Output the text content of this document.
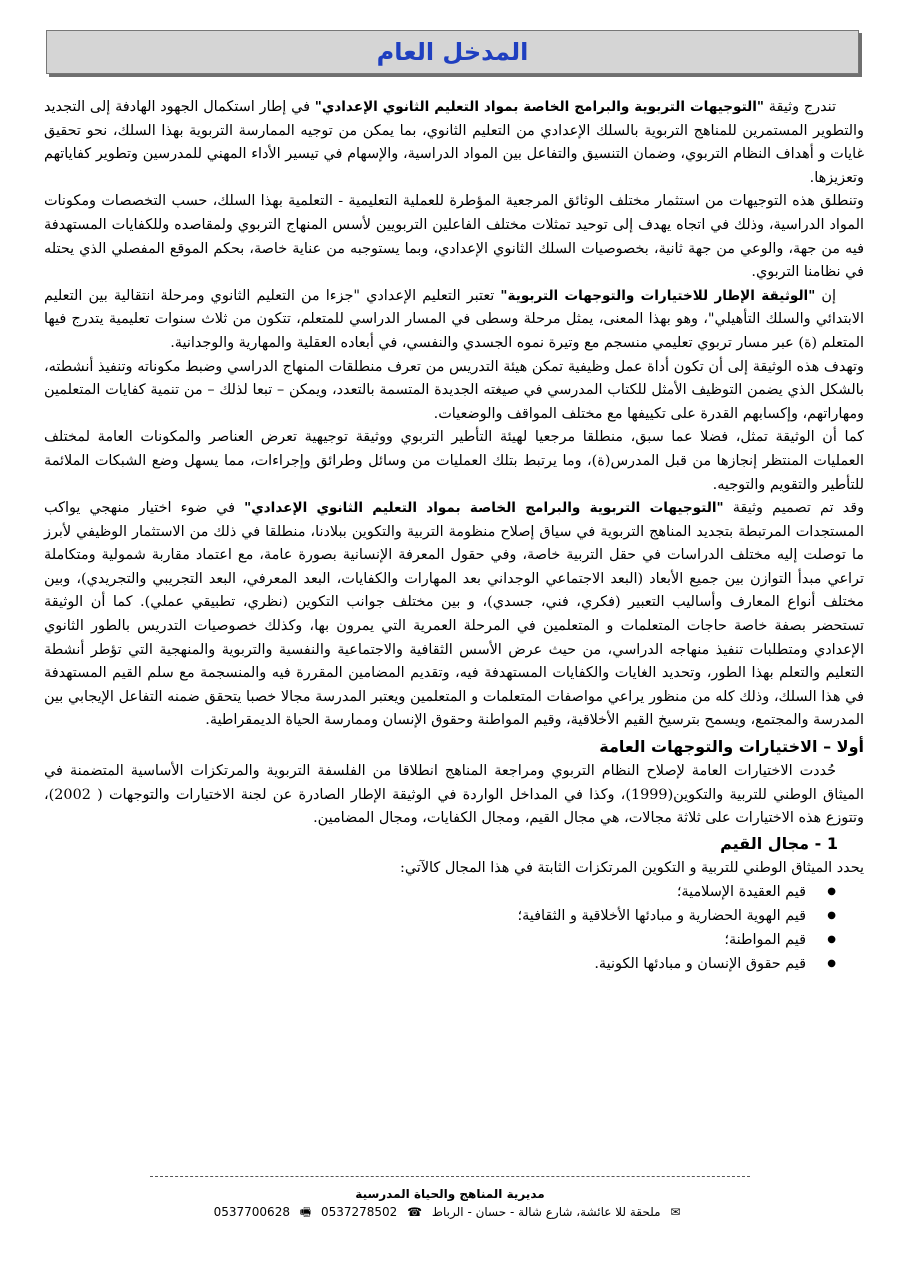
المدخل العام

تندرج وثيقة "التوجيهات التربوية والبرامج الخاصة بمواد التعليم الثانوي الإعدادي" في إطار استكمال الجهود الهادفة إلى التجديد والتطوير المستمرين للمناهج التربوية بالسلك الإعدادي من التعليم الثانوي، بما يمكن من توجيه الممارسة التربوية بهذا السلك، نحو تحقيق غايات و أهداف النظام التربوي، وضمان التنسيق والتفاعل بين المواد الدراسية، والإسهام في تيسير الأداء المهني للمدرسين وتطوير كفاياتهم وتعزيزها.

وتنطلق هذه التوجيهات من استثمار مختلف الوثائق المرجعية المؤطرة للعملية التعليمية - التعلمية بهذا السلك، حسب التخصصات ومكونات المواد الدراسية، وذلك في اتجاه يهدف إلى توحيد تمثلات مختلف الفاعلين التربويين لأسس المنهاج التربوي ولمقاصده وللكفايات المستهدفة فيه من جهة، والوعي من جهة ثانية، بخصوصيات السلك الثانوي الإعدادي، وبما يستوجبه من عناية خاصة، بحكم الموقع المفصلي الذي يحتله في نظامنا التربوي.

إن "الوثيقة الإطار للاختيارات والتوجهات التربوية" تعتبر التعليم الإعدادي "جزءا من التعليم الثانوي ومرحلة انتقالية بين التعليم الابتدائي والسلك التأهيلي"، وهو بهذا المعنى، يمثل مرحلة وسطى في المسار الدراسي للمتعلم، تتكون من ثلاث سنوات تعليمية يتدرج فيها المتعلم (ة) عبر مسار تربوي تعليمي منسجم مع وتيرة نموه الجسدي والنفسي، في أبعاده العقلية والمهارية والوجدانية.

وتهدف هذه الوثيقة إلى أن تكون أداة عمل وظيفية تمكن هيئة التدريس من تعرف منطلقات المنهاج الدراسي وضبط مكوناته وتنفيذ أنشطته، بالشكل الذي يضمن التوظيف الأمثل للكتاب المدرسي في صيغته الجديدة المتسمة بالتعدد، ويمكن – تبعا لذلك – من تنمية كفايات المتعلمين ومهاراتهم، وإكسابهم القدرة على تكييفها مع مختلف المواقف والوضعيات.

كما أن الوثيقة تمثل، فضلا عما سبق، منطلقا مرجعيا لهيئة التأطير التربوي ووثيقة توجيهية تعرض العناصر والمكونات العامة لمختلف العمليات المنتظر إنجازها من قبل المدرس(ة)، وما يرتبط بتلك العمليات من وسائل وطرائق وإجراءات، مما يسهل وضع الشبكات الملائمة للتأطير والتقويم والتوجيه.

وقد تم تصميم وثيقة "التوجيهات التربوية والبرامج الخاصة بمواد التعليم الثانوي الإعدادي" في ضوء اختيار منهجي يواكب المستجدات المرتبطة بتجديد المناهج التربوية في سياق إصلاح منظومة التربية والتكوين ببلادنا، منطلقا في ذلك من الاستثمار الوظيفي لأبرز ما توصلت إليه مختلف الدراسات في حقل التربية خاصة، وفي حقول المعرفة الإنسانية بصورة عامة، مع اعتماد مقاربة شمولية ومتكاملة تراعي مبدأ التوازن بين جميع الأبعاد (البعد الاجتماعي الوجداني بعد المهارات والكفايات، البعد المعرفي، البعد التجريبي والتجريدي)، وبين مختلف أنواع المعارف وأساليب التعبير (فكري، فني، جسدي)، و بين مختلف جوانب التكوين (نظري، تطبيقي عملي). كما أن الوثيقة تستحضر بصفة خاصة حاجات المتعلمات و المتعلمين في المرحلة العمرية التي يمرون بها، وكذلك خصوصيات التدريس بالطور الثانوي الإعدادي ومتطلبات تنفيذ منهاجه الدراسي، من حيث عرض الأسس الثقافية والاجتماعية والنفسية والتربوية والمنهجية التي تؤطر أنشطة التعليم والتعلم بهذا الطور، وتحديد الغايات والكفايات المستهدفة فيه، وتقديم المضامين المقررة فيه والمنسجمة مع سلم القيم المستهدفة في هذا السلك، وذلك كله من منظور يراعي مواصفات المتعلمات و المتعلمين ويعتبر المدرسة مجالا خصبا يتحقق ضمنه التفاعل الإيجابي بين المدرسة والمجتمع، ويسمح بترسيخ القيم الأخلاقية، وقيم المواطنة وحقوق الإنسان وممارسة الحياة الديمقراطية.

أولا – الاختيارات والتوجهات العامة

حُددت الاختيارات العامة لإصلاح النظام التربوي ومراجعة المناهج انطلاقا من الفلسفة التربوية والمرتكزات الأساسية المتضمنة في الميثاق الوطني للتربية والتكوين(1999)، وكذا في المداخل الواردة في الوثيقة الإطار الصادرة عن لجنة الاختيارات والتوجهات ( 2002)، وتتوزع هذه الاختيارات على ثلاثة مجالات، هي مجال القيم، ومجال الكفايات، ومجال المضامين.

1 - مجال القيم

يحدد الميثاق الوطني للتربية و التكوين المرتكزات الثابتة في هذا المجال كالآتي:

● قيم العقيدة الإسلامية؛
● قيم الهوية الحضارية و مبادئها الأخلاقية و الثقافية؛
● قيم المواطنة؛
● قيم حقوق الإنسان و مبادئها الكونية.
مديرية المناهج والحياة المدرسية
✉ ملحقة للا عائشة، شارع شالة - حسان - الرباط ☎ 0537278502 🖷 0537700628
